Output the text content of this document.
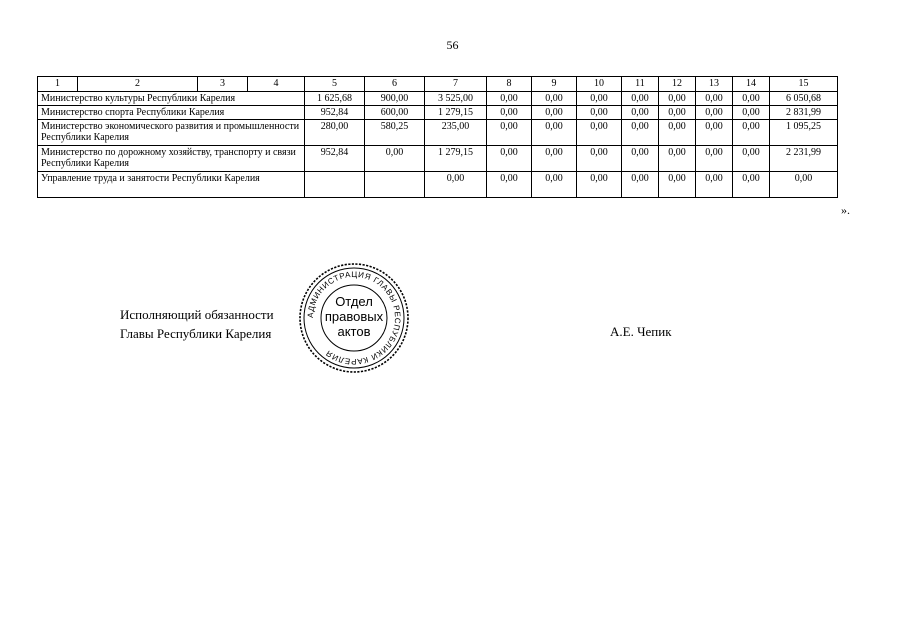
56
1	2	3	4	5	6	7	8	9	10	11	12	13	14	15
Министерство культуры Республики Карелия				1 625,68	900,00	3 525,00	0,00	0,00	0,00	0,00	0,00	0,00	0,00	6 050,68
Министерство спорта Республики Карелия				952,84	600,00	1 279,15	0,00	0,00	0,00	0,00	0,00	0,00	0,00	2 831,99
Министерство экономического развития и промышленности Республики Карелия				280,00	580,25	235,00	0,00	0,00	0,00	0,00	0,00	0,00	0,00	1 095,25
Министерство по дорожному хозяйству, транспорту и связи Республики Карелия				952,84	0,00	1 279,15	0,00	0,00	0,00	0,00	0,00	0,00	0,00	2 231,99
Управление труда и занятости Республики Карелия						0,00	0,00	0,00	0,00	0,00	0,00	0,00	0,00	0,00
».
Исполняющий обязанности
Главы Республики Карелия
АДМИНИСТРАЦИЯ ГЛАВЫ РЕСПУБЛИКИ КАРЕЛИЯ
Отдел
правовых
актов	А.Е. Чепик
